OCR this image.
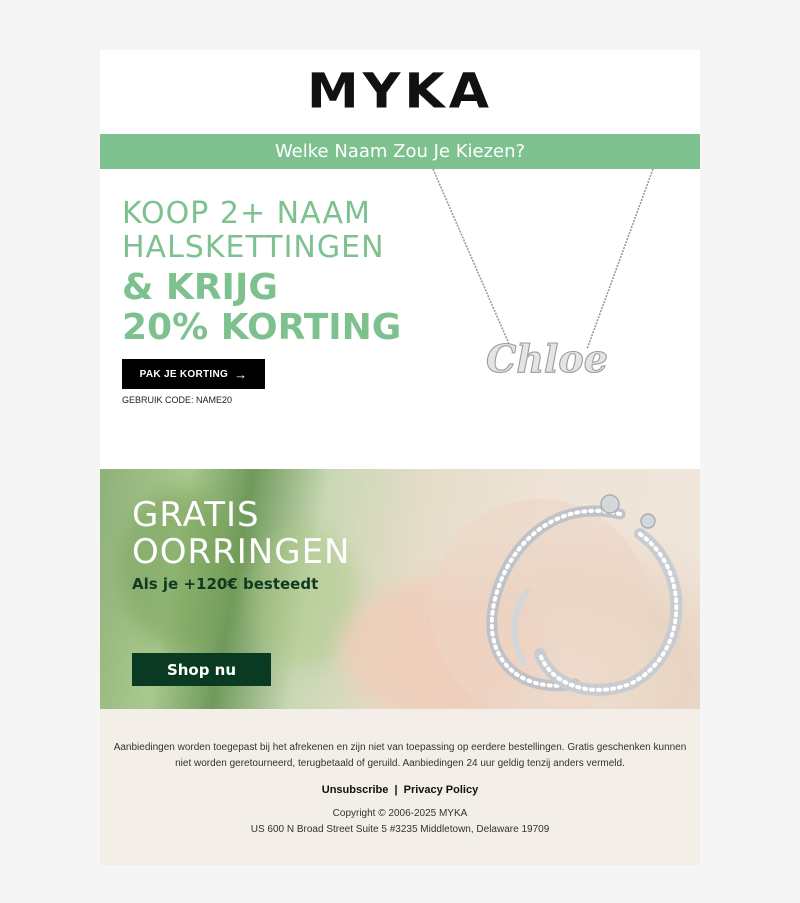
MYKA
Welke Naam Zou Je Kiezen?
KOOP 2+ NAAM
HALSKETTINGEN
& KRIJG
20% KORTING
PAK JE KORTING →
GEBRUIK CODE: NAME20
Chloe
GRATIS
OORRINGEN
Als je +120€ besteedt
Shop nu
Aanbiedingen worden toegepast bij het afrekenen en zijn niet van toepassing op eerdere bestellingen. Gratis geschenken kunnen
niet worden geretourneerd, terugbetaald of geruild. Aanbiedingen 24 uur geldig tenzij anders vermeld.
Unsubscribe | Privacy Policy
Copyright © 2006-2025 MYKA
US 600 N Broad Street Suite 5 #3235 Middletown, Delaware 19709
